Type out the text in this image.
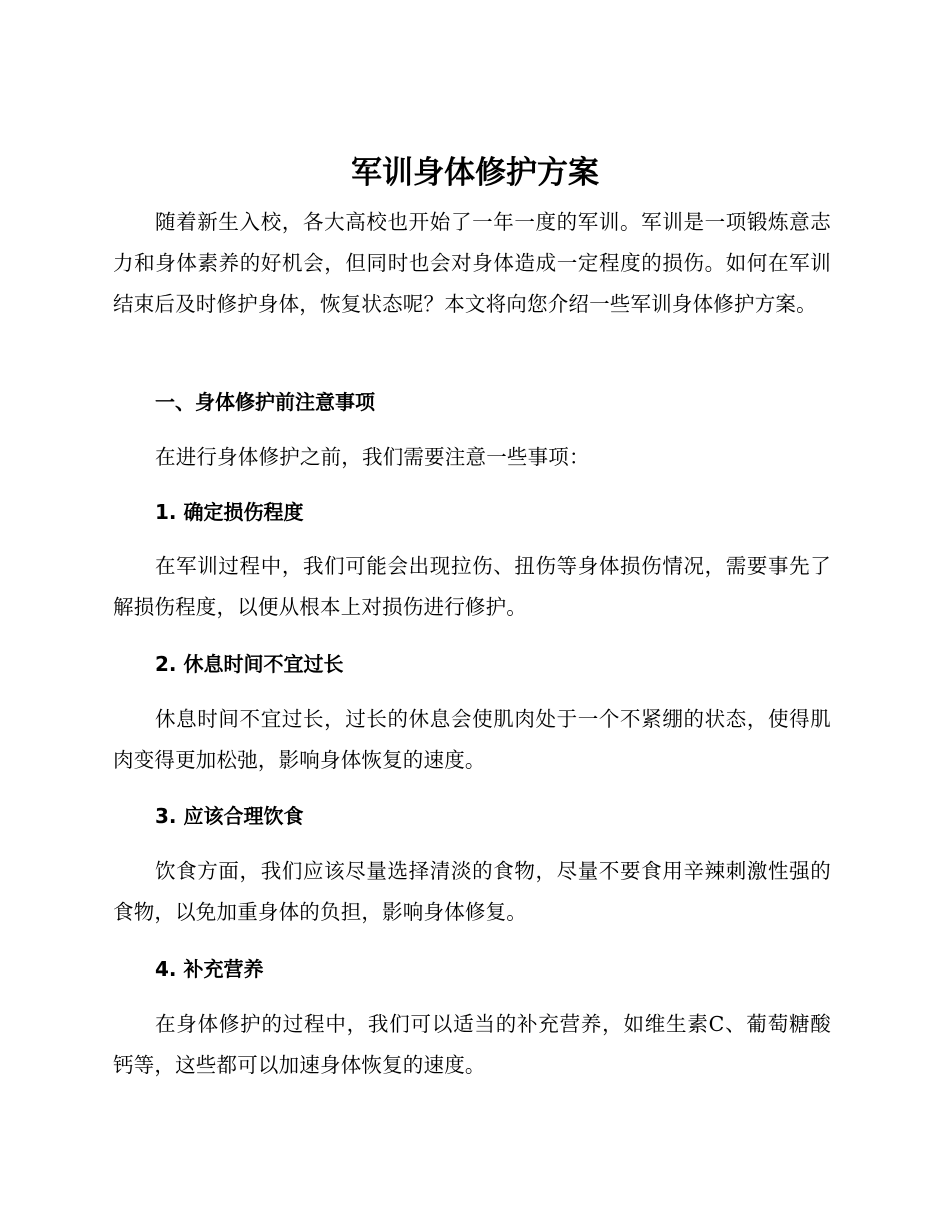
军训身体修护方案

随着新生入校，各大高校也开始了一年一度的军训。军训是一项锻炼意志力和身体素养的好机会，但同时也会对身体造成一定程度的损伤。如何在军训结束后及时修护身体，恢复状态呢？本文将向您介绍一些军训身体修护方案。

一、身体修护前注意事项

在进行身体修护之前，我们需要注意一些事项：

1. 确定损伤程度

在军训过程中，我们可能会出现拉伤、扭伤等身体损伤情况，需要事先了解损伤程度，以便从根本上对损伤进行修护。

2. 休息时间不宜过长

休息时间不宜过长，过长的休息会使肌肉处于一个不紧绷的状态，使得肌肉变得更加松弛，影响身体恢复的速度。

3. 应该合理饮食

饮食方面，我们应该尽量选择清淡的食物，尽量不要食用辛辣刺激性强的食物，以免加重身体的负担，影响身体修复。

4. 补充营养

在身体修护的过程中，我们可以适当的补充营养，如维生素C、葡萄糖酸钙等，这些都可以加速身体恢复的速度。
